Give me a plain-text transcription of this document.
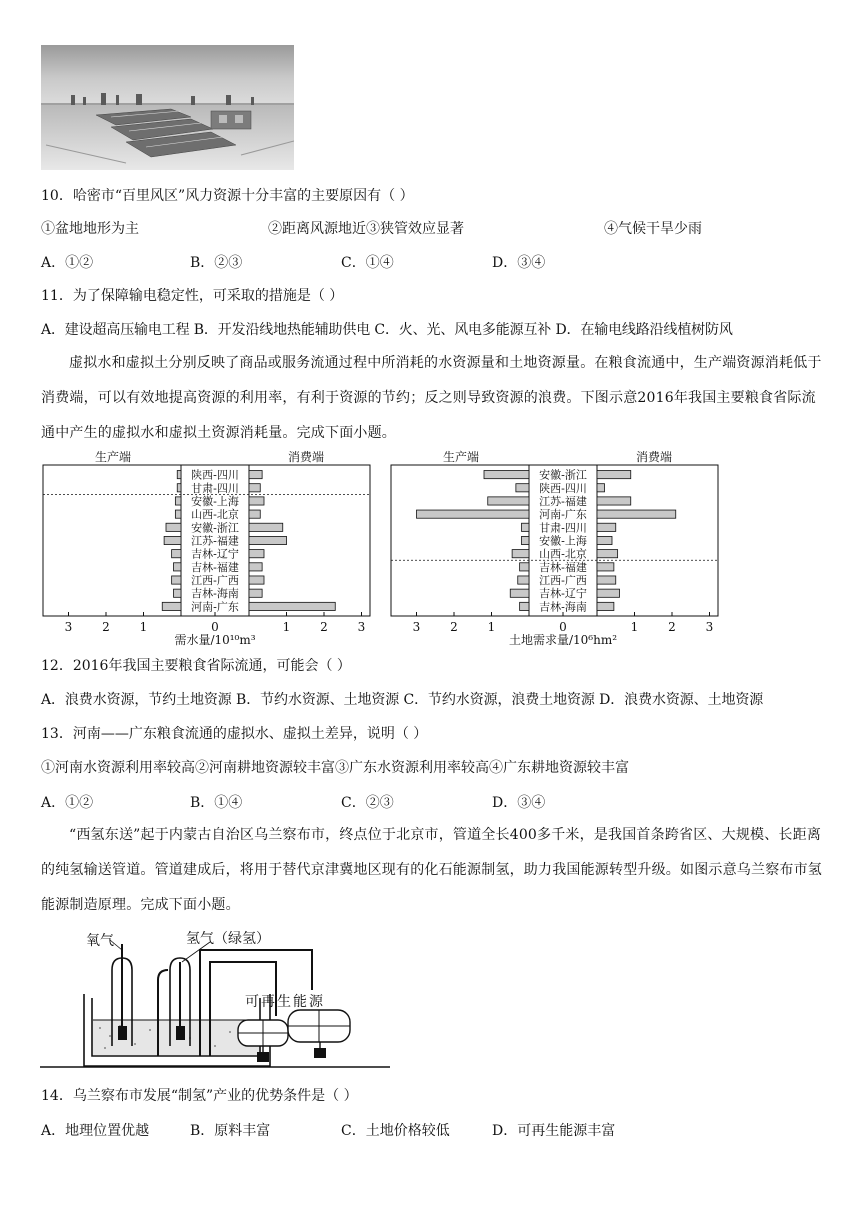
10．哈密市“百里风区”风力资源十分丰富的主要原因有（ ）
①盆地地形为主	②距离风源地近③狭管效应显著	④气候干旱少雨
A．①②	B．②③	C．①④	D．③④
11．为了保障输电稳定性，可采取的措施是（ ）
A．建设超高压输电工程 B．开发沿线地热能辅助供电 C．火、光、风电多能源互补 D．在输电线路沿线植树防风
虚拟水和虚拟土分别反映了商品或服务流通过程中所消耗的水资源量和土地资源量。在粮食流通中，生产端资源消耗低于消费端，可以有效地提高资源的利用率，有利于资源的节约；反之则导致资源的浪费。下图示意2016年我国主要粮食省际流通中产生的虚拟水和虚拟土资源消耗量。完成下面小题。
生产端	消费端
陕西-四川
甘肃-四川
安徽-上海
山西-北京
安徽-浙江
江苏-福建
吉林-辽宁
吉林-福建
江西-广西
吉林-海南
河南-广东
3 2 1	0	1 2 3
需水量/10¹⁰m³
生产端	消费端
安徽-浙江
陕西-四川
江苏-福建
河南-广东
甘肃-四川
安徽-上海
山西-北京
吉林-福建
江西-广西
吉林-辽宁
吉林-海南
3 2 1	0	1 2 3
土地需求量/10⁶hm²
12．2016年我国主要粮食省际流通，可能会（ ）
A．浪费水资源，节约土地资源 B．节约水资源、土地资源 C．节约水资源，浪费土地资源 D．浪费水资源、土地资源
13．河南——广东粮食流通的虚拟水、虚拟土差异，说明（ ）
①河南水资源利用率较高②河南耕地资源较丰富③广东水资源利用率较高④广东耕地资源较丰富
A．①②	B．①④	C．②③	D．③④
“西氢东送”起于内蒙古自治区乌兰察布市，终点位于北京市，管道全长400多千米，是我国首条跨省区、大规模、长距离的纯氢输送管道。管道建成后，将用于替代京津冀地区现有的化石能源制氢，助力我国能源转型升级。如图示意乌兰察布市氢能源制造原理。完成下面小题。
氧气	氢气（绿氢）
可再生能源
14．乌兰察布市发展“制氢”产业的优势条件是（ ）
A．地理位置优越	B．原料丰富	C．土地价格较低	D．可再生能源丰富
